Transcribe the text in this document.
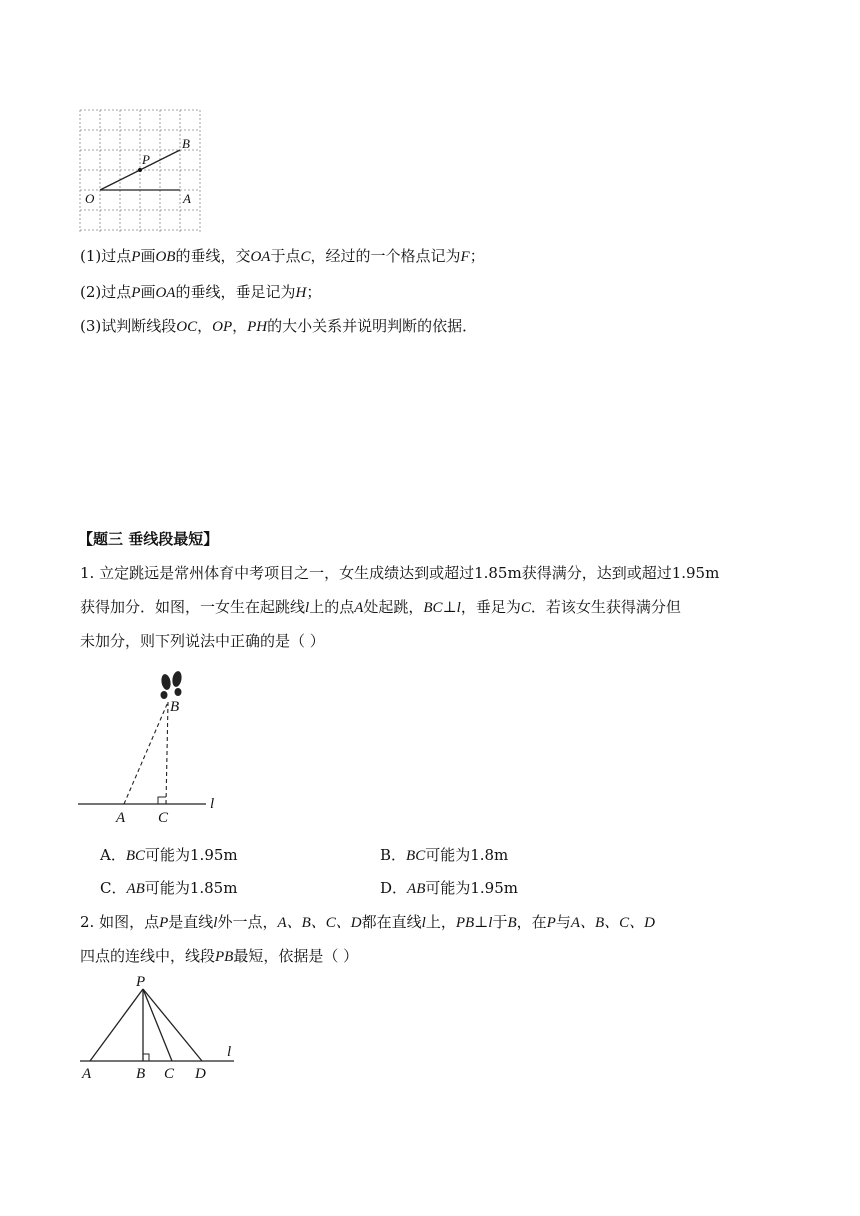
O	A
B
P
(1)过点P画OB的垂线，交OA于点C，经过的一个格点记为F；
(2)过点P画OA的垂线，垂足记为H；
(3)试判断线段OC，OP，PH的大小关系并说明判断的依据．
【题三 垂线段最短】
1. 立定跳远是常州体育中考项目之一，女生成绩达到或超过1.85m获得满分，达到或超过1.95m
获得加分．如图，一女生在起跳线l上的点A处起跳，BC⊥l，垂足为C．若该女生获得满分但
未加分，则下列说法中正确的是（ ）
B
A C
l
A．BC可能为1.95m	B．BC可能为1.8m
C．AB可能为1.85m	D．AB可能为1.95m
2. 如图，点P是直线l外一点，A、B、C、D都在直线l上，PB⊥l于B，在P与A、B、C、D
四点的连线中，线段PB最短，依据是（ ）
P
A	B C D
l
